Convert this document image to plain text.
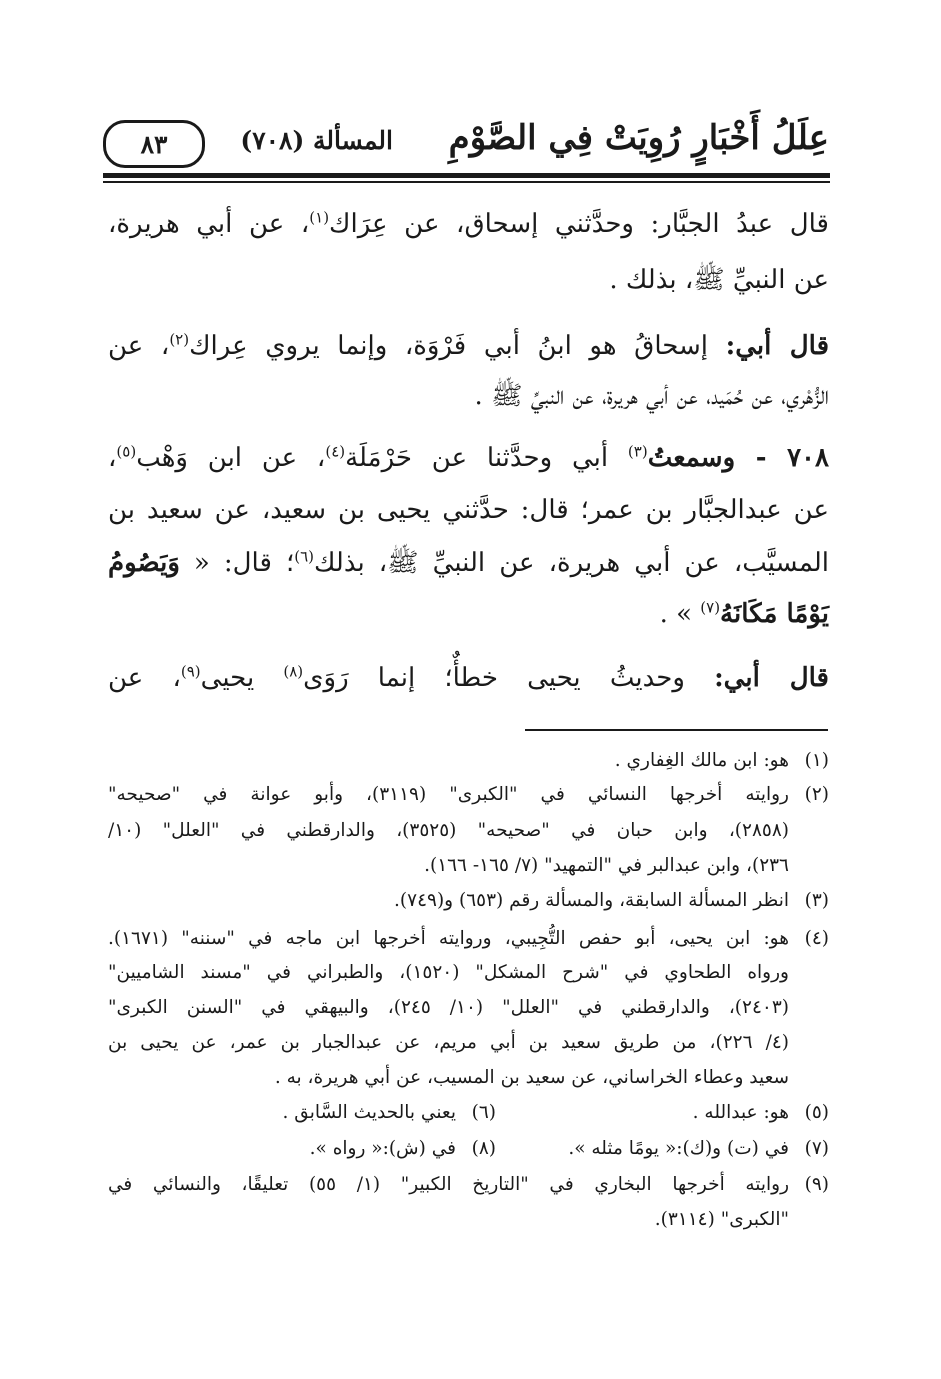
عِلَلُ أَخْبَارٍ رُوِيَتْ فِي الصَّوْمِ
المسألة (٧٠٨)
٨٣
قال عبدُ الجبَّار: وحدَّثني إسحاق، عن عِرَاك$^{(١)}$، عن أبي هريرة،
عن النبيِّ ﷺ، بذلك .
قال أبي: إسحاقُ هو ابنُ أبي فَرْوَة، وإنما يروي عِراك$^{(٢)}$، عن
الزُّهْري، عن حُمَيد، عن أبي هريرة، عن النبيِّ ﷺ .
٧٠٨ - وسمعتُ$^{(٣)}$ أبي وحدَّثنا عن حَرْمَلَة$^{(٤)}$، عن ابن وَهْب$^{(٥)}$،
عن عبدالجبَّار بن عمر؛ قال: حدَّثني يحيى بن سعيد، عن سعيد بن
المسيَّب، عن أبي هريرة، عن النبيِّ ﷺ، بذلك$^{(٦)}$؛ قال: « وَيَصُومُ
يَوْمًا مَكَانَهُ$^{(٧)}$ » .
قال أبي: وحديثُ يحيى خطأٌ؛ إنما رَوَى$^{(٨)}$ يحيى$^{(٩)}$، عن
(١)هو: ابن مالك الغِفاري .
(٢)روايته أخرجها النسائي في "الكبرى" (٣١١٩)، وأبو عوانة في "صحيحه"
(٢٨٥٨)، وابن حبان في "صحيحه" (٣٥٢٥)، والدارقطني في "العلل" (١٠/
٢٣٦)، وابن عبدالبر في "التمهيد" (٧/ ١٦٥- ١٦٦).
(٣)انظر المسألة السابقة، والمسألة رقم (٦٥٣) و(٧٤٩).
(٤)هو: ابن يحيى، أبو حفص التُّجِيبي، وروايته أخرجها ابن ماجه في "سننه" (١٦٧١).
ورواه الطحاوي في "شرح المشكل" (١٥٢٠)، والطبراني في "مسند الشاميين"
(٢٤٠٣)، والدارقطني في "العلل" (١٠/ ٢٤٥)، والبيهقي في "السنن الكبرى"
(٤/ ٢٢٦)، من طريق سعيد بن أبي مريم، عن عبدالجبار بن عمر، عن يحيى بن
سعيد وعطاء الخراساني، عن سعيد بن المسيب، عن أبي هريرة، به .
(٥)هو: عبدالله .
(٦)يعني بالحديث السَّابق .
(٧)في (ت) و(ك):« يومًا مثله ».
(٨)في (ش):« رواه ».
(٩)روايته أخرجها البخاري في "التاريخ الكبير" (١/ ٥٥) تعليقًا، والنسائي في
"الكبرى" (٣١١٤).
